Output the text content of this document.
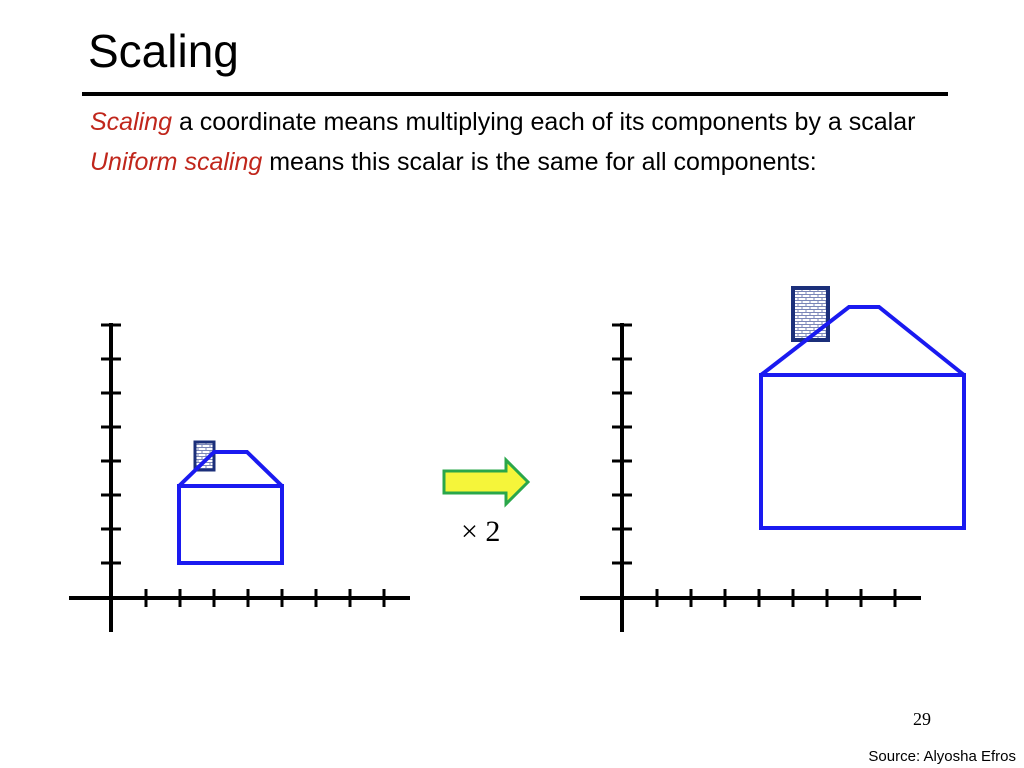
Scaling
Scaling a coordinate means multiplying each of its components by a scalar
Uniform scaling means this scalar is the same for all components:
× 2
29
Source: Alyosha Efros
